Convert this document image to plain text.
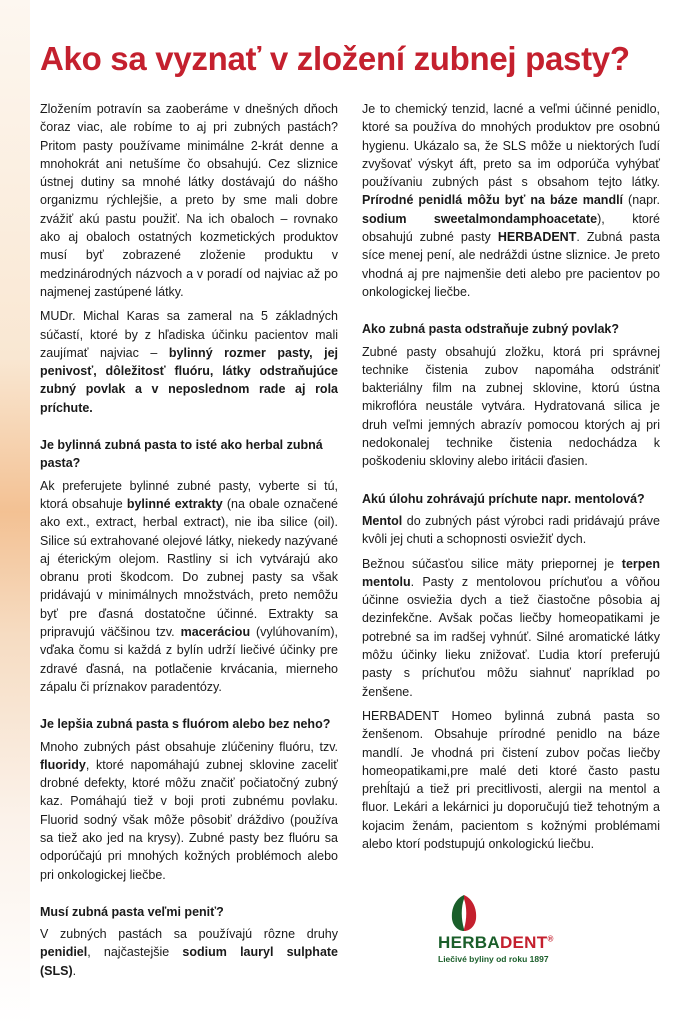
Ako sa vyznať v zložení zubnej pasty?

Zložením potravín sa zaoberáme v dnešných dňoch čoraz viac, ale robíme to aj pri zubných pastách? Pritom pasty používame minimálne 2-krát denne a mnohokrát ani netušíme čo obsahujú. Cez sliznice ústnej dutiny sa mnohé látky dostávajú do nášho organizmu rýchlejšie, a preto by sme mali dobre zvážiť akú pastu použiť. Na ich obaloch – rovnako ako aj obaloch ostatných kozmetických produktov musí byť zobrazené zloženie produktu v medzinárodných názvoch a v poradí od najviac až po najmenej zastúpené látky.

MUDr. Michal Karas sa zameral na 5 základných súčastí, ktoré by z hľadiska účinku pacientov mali zaujímať najviac – bylinný rozmer pasty, jej penivosť, dôležitosť fluóru, látky odstraňujúce zubný povlak a v neposlednom rade aj rola príchute.

Je bylinná zubná pasta to isté ako herbal zubná pasta?

Ak preferujete bylinné zubné pasty, vyberte si tú, ktorá obsahuje bylinné extrakty (na obale označené ako ext., extract, herbal extract), nie iba silice (oil). Silice sú extrahované olejové látky, niekedy nazývané aj éterickým olejom. Rastliny si ich vytvárajú ako obranu proti škodcom. Do zubnej pasty sa však pridávajú v minimálnych množstvách, preto nemôžu byť pre ďasná dostatočne účinné. Extrakty sa pripravujú väčšinou tzv. maceráciou (vylúhovaním), vďaka čomu si každá z bylín udrží liečivé účinky pre zdravé ďasná, na potlačenie krvácania, mierneho zápalu či príznakov paradentózy.

Je lepšia zubná pasta s fluórom alebo bez neho?

Mnoho zubných pást obsahuje zlúčeniny fluóru, tzv. fluoridy, ktoré napomáhajú zubnej sklovine zaceliť drobné defekty, ktoré môžu značiť počiatočný zubný kaz. Pomáhajú tiež v boji proti zubnému povlaku. Fluorid sodný však môže pôsobiť dráždivo (používa sa tiež ako jed na krysy). Zubné pasty bez fluóru sa odporúčajú pri mnohých kožných problémoch alebo pri onkologickej liečbe.

Musí zubná pasta veľmi peniť?

V zubných pastách sa používajú rôzne druhy penidiel, najčastejšie sodium lauryl sulphate (SLS).

Je to chemický tenzid, lacné a veľmi účinné penidlo, ktoré sa používa do mnohých produktov pre osobnú hygienu. Ukázalo sa, že SLS môže u niektorých ľudí zvyšovať výskyt áft, preto sa im odporúča vyhýbať používaniu zubných pást s obsahom tejto látky. Prírodné penidlá môžu byť na báze mandlí (napr. sodium sweetalmondamphoacetate), ktoré obsahujú zubné pasty HERBADENT. Zubná pasta síce menej pení, ale nedráždi ústne sliznice. Je preto vhodná aj pre najmenšie deti alebo pre pacientov po onkologickej liečbe.

Ako zubná pasta odstraňuje zubný povlak?

Zubné pasty obsahujú zložku, ktorá pri správnej technike čistenia zubov napomáha odstrániť bakteriálny film na zubnej sklovine, ktorú ústna mikroflóra neustále vytvára. Hydratovaná silica je druh veľmi jemných abrazív pomocou ktorých aj pri nedokonalej technike čistenia nedochádza k poškodeniu skloviny alebo iritácii ďasien.

Akú úlohu zohrávajú príchute napr. mentolová?

Mentol do zubných pást výrobci radi pridávajú práve kvôli jej chuti a schopnosti osviežiť dych.

Bežnou súčasťou silice mäty priepornej je terpen mentolu. Pasty z mentolovou príchuťou a vôňou účinne osviežia dych a tiež čiastočne pôsobia aj dezinfekčne. Avšak počas liečby homeopatikami je potrebné sa im radšej vyhnúť. Silné aromatické látky môžu účinky lieku znižovať. Ľudia ktorí preferujú pasty s príchuťou môžu siahnuť napríklad po ženšene.

HERBADENT Homeo bylinná zubná pasta so ženšenom. Obsahuje prírodné penidlo na báze mandlí. Je vhodná pri čistení zubov počas liečby homeopatikami,pre malé deti ktoré často pastu prehĺtajú a tiež pri precitlivosti, alergii na mentol a fluor. Lekári a lekárnici ju doporučujú tiež tehotným a kojacim ženám, pacientom s kožnými problémami alebo ktorí podstupujú onkologickú liečbu.

HERBADENT®
Liečivé byliny od roku 1897
